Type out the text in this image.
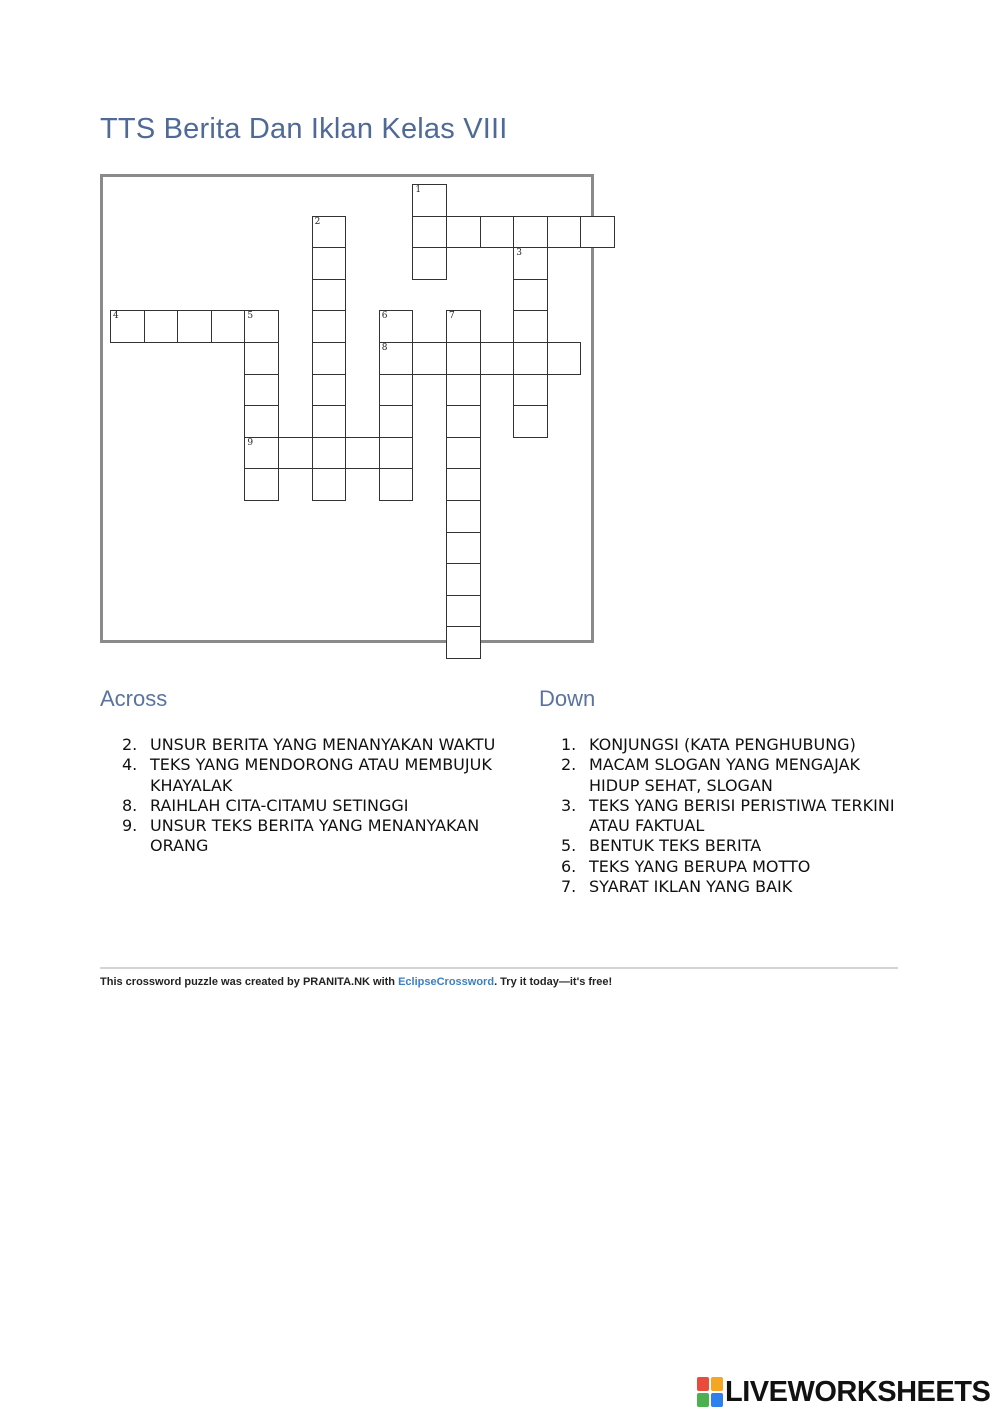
TTS Berita Dan Iklan Kelas VIII
1
2
3
4	5
9
6
8
7
Across
2. UNSUR BERITA YANG MENANYAKAN WAKTU
4. TEKS YANG MENDORONG ATAU MEMBUJUK KHAYALAK
8. RAIHLAH CITA-CITAMU SETINGGI
9. UNSUR TEKS BERITA YANG MENANYAKAN ORANG
Down
1. KONJUNGSI (KATA PENGHUBUNG)
2. MACAM SLOGAN YANG MENGAJAK HIDUP SEHAT, SLOGAN
3. TEKS YANG BERISI PERISTIWA TERKINI ATAU FAKTUAL
5. BENTUK TEKS BERITA
6. TEKS YANG BERUPA MOTTO
7. SYARAT IKLAN YANG BAIK
This crossword puzzle was created by PRANITA.NK with EclipseCrossword. Try it today—it's free!
LIVEWORKSHEETS
